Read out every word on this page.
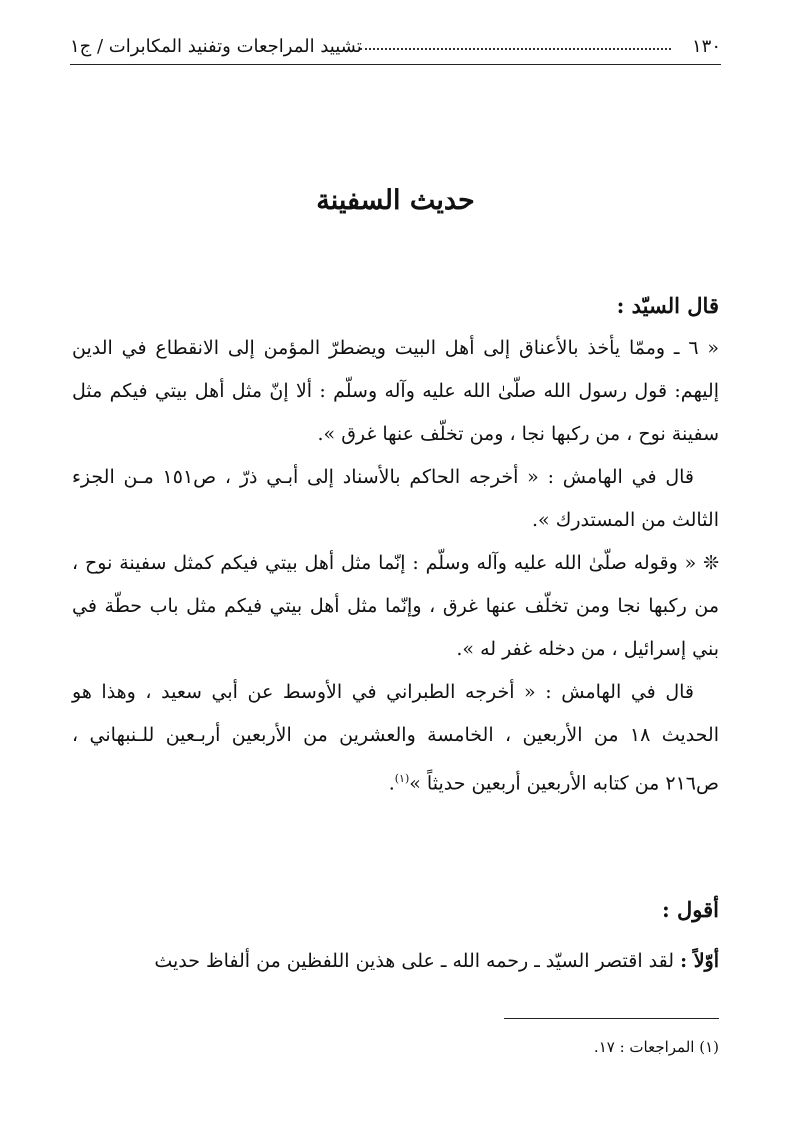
١٣٠
تشييد المراجعات وتفنيد المكابرات / ج١
حديث السفينة

قال السيّد :

« ٦ ـ وممّا يأخذ بالأعناق إلى أهل البيت ويضطرّ المؤمن إلى الانقطاع في الدين إليهم: قول رسول الله صلّىٰ الله عليه وآله وسلّم : ألا إنّ مثل أهل بيتي فيكم مثل سفينة نوح ، من ركبها نجا ، ومن تخلّف عنها غرق ».

قال في الهامش : « أخرجه الحاكم بالأسناد إلى أبـي ذرّ ، ص١٥١ مـن الجزء الثالث من المستدرك ».

❊ « وقوله صلّىٰ الله عليه وآله وسلّم : إنّما مثل أهل بيتي فيكم كمثل سفينة نوح ، من ركبها نجا ومن تخلّف عنها غرق ، وإنّما مثل أهل بيتي فيكم مثل باب حطّة في بني إسرائيل ، من دخله غفر له ».

قال في الهامش : « أخرجه الطبراني في الأوسط عن أبي سعيد ، وهذا هو الحديث ١٨ من الأربعين ، الخامسة والعشرين من الأربعين أربـعين للـنبهاني ، ص٢١٦ من كتابه الأربعين أربعين حديثاً »$^{(١)}$.

أقول :
أوّلاً : لقد اقتصر السيّد ـ رحمه الله ـ على هذين اللفظين من ألفاظ حديث
(١) المراجعات : ١٧.
